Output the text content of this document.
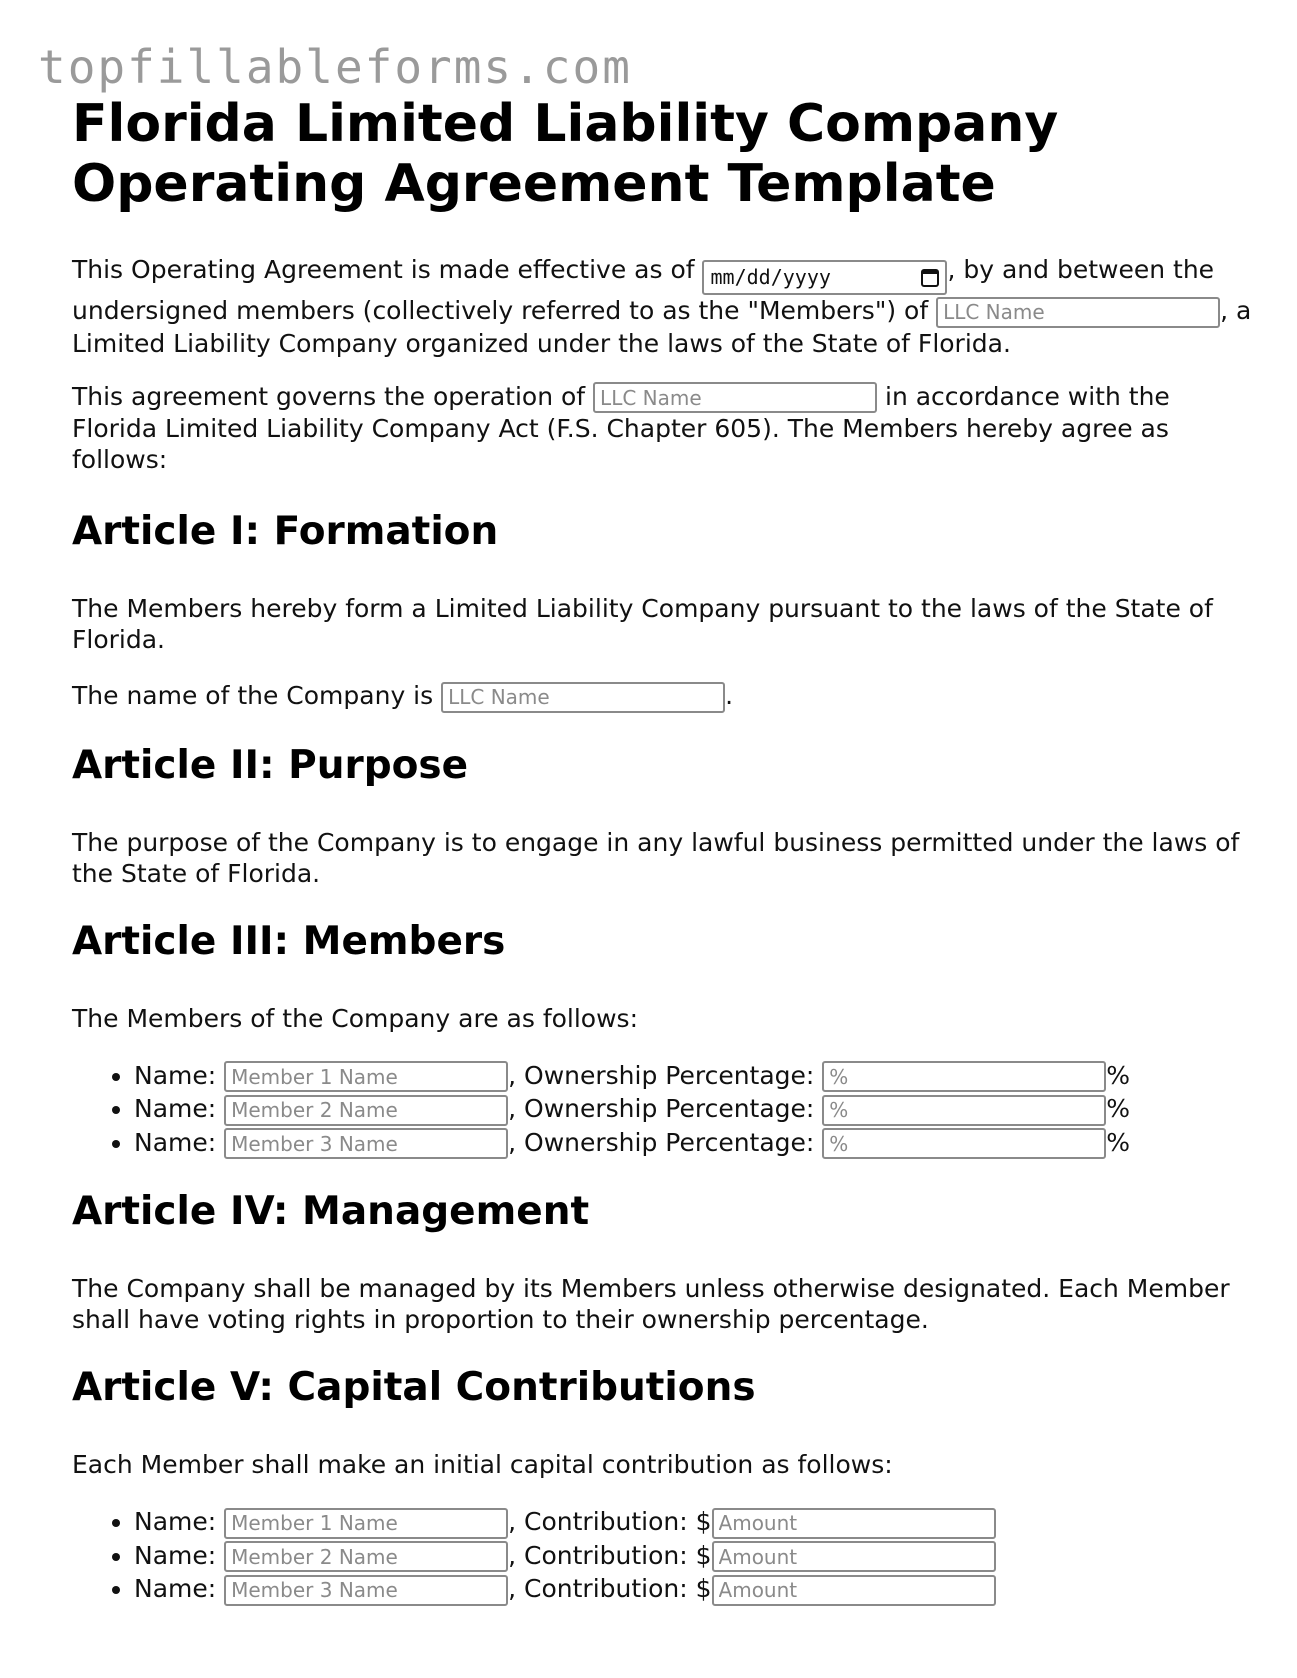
topfillableforms.com
Florida Limited Liability Company Operating Agreement Template

This Operating Agreement is made effective as of mm/dd/yyyy	, by and between the undersigned members (collectively referred to as the "Members") of LLC Name	, a Limited Liability Company organized under the laws of the State of Florida.

This agreement governs the operation of LLC Name	in accordance with the Florida Limited Liability Company Act (F.S. Chapter 605). The Members hereby agree as follows:

Article I: Formation

The Members hereby form a Limited Liability Company pursuant to the laws of the State of Florida.

The name of the Company is LLC Name	.

Article II: Purpose

The purpose of the Company is to engage in any lawful business permitted under the laws of the State of Florida.

Article III: Members

The Members of the Company are as follows:

• Name: Member 1 Name	, Ownership Percentage: %	%
• Name: Member 2 Name	, Ownership Percentage: %	%
• Name: Member 3 Name	, Ownership Percentage: %	%
Article IV: Management

The Company shall be managed by its Members unless otherwise designated. Each Member shall have voting rights in proportion to their ownership percentage.

Article V: Capital Contributions

Each Member shall make an initial capital contribution as follows:

• Name: Member 1 Name	, Contribution: $Amount
• Name: Member 2 Name	, Contribution: $Amount
• Name: Member 3 Name	, Contribution: $Amount
